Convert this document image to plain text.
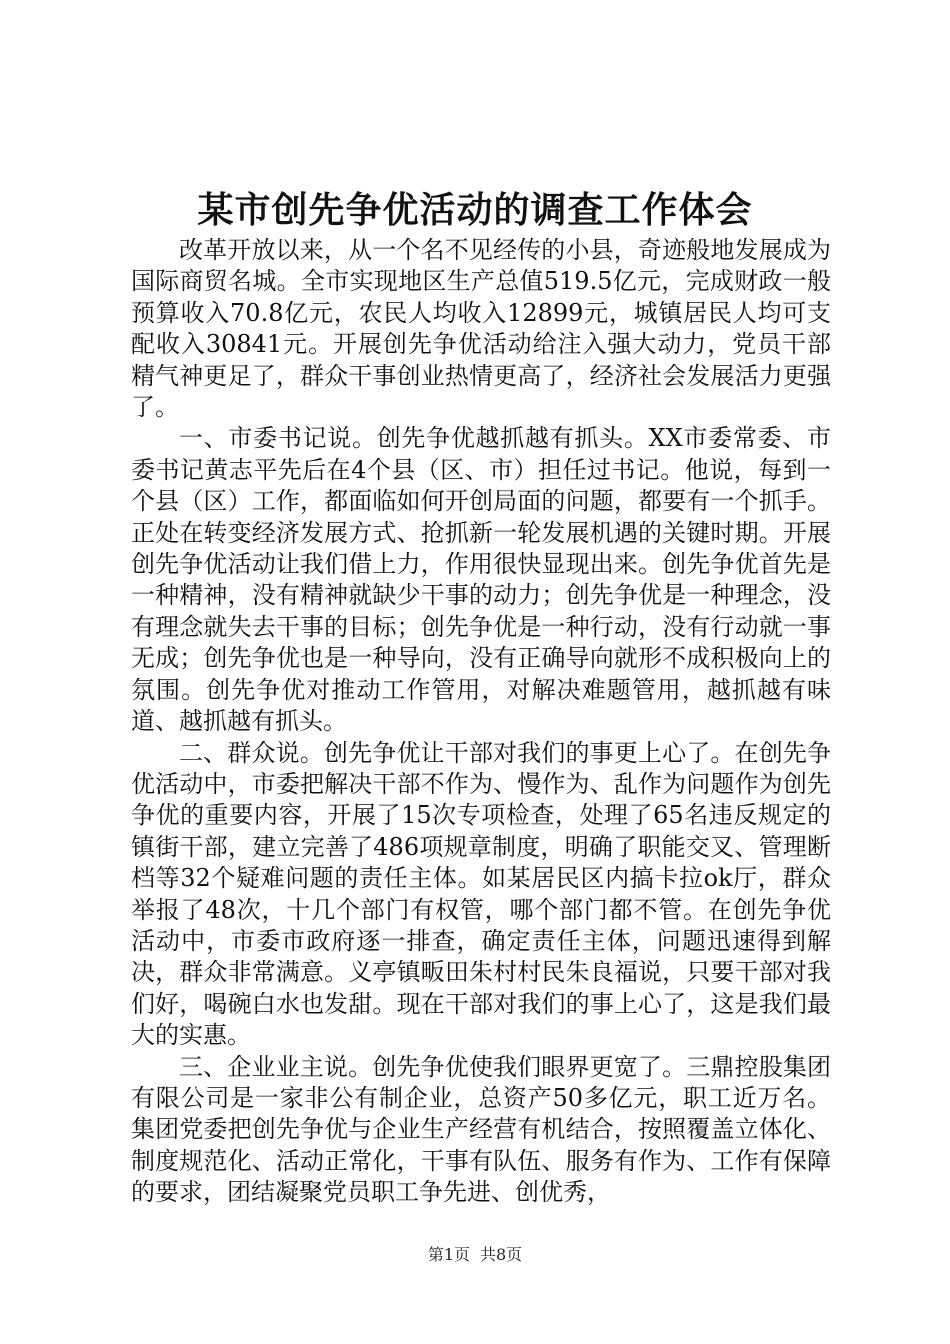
某市创先争优活动的调查工作体会

改革开放以来，从一个名不见经传的小县，奇迹般地发展成为国际商贸名城。全市实现地区生产总值519.5亿元，完成财政一般预算收入70.8亿元，农民人均收入12899元，城镇居民人均可支配收入30841元。开展创先争优活动给注入强大动力，党员干部精气神更足了，群众干事创业热情更高了，经济社会发展活力更强了。

一、市委书记说。创先争优越抓越有抓头。XX市委常委、市委书记黄志平先后在4个县（区、市）担任过书记。他说，每到一个县（区）工作，都面临如何开创局面的问题，都要有一个抓手。正处在转变经济发展方式、抢抓新一轮发展机遇的关键时期。开展创先争优活动让我们借上力，作用很快显现出来。创先争优首先是一种精神，没有精神就缺少干事的动力；创先争优是一种理念，没有理念就失去干事的目标；创先争优是一种行动，没有行动就一事无成；创先争优也是一种导向，没有正确导向就形不成积极向上的氛围。创先争优对推动工作管用，对解决难题管用，越抓越有味道、越抓越有抓头。

二、群众说。创先争优让干部对我们的事更上心了。在创先争优活动中，市委把解决干部不作为、慢作为、乱作为问题作为创先争优的重要内容，开展了15次专项检查，处理了65名违反规定的镇街干部，建立完善了486项规章制度，明确了职能交叉、管理断档等32个疑难问题的责任主体。如某居民区内搞卡拉ok厅，群众举报了48次，十几个部门有权管，哪个部门都不管。在创先争优活动中，市委市政府逐一排查，确定责任主体，问题迅速得到解决，群众非常满意。义亭镇畈田朱村村民朱良福说，只要干部对我们好，喝碗白水也发甜。现在干部对我们的事上心了，这是我们最大的实惠。

三、企业业主说。创先争优使我们眼界更宽了。三鼎控股集团有限公司是一家非公有制企业，总资产50多亿元，职工近万名。集团党委把创先争优与企业生产经营有机结合，按照覆盖立体化、制度规范化、活动正常化，干事有队伍、服务有作为、工作有保障的要求，团结凝聚党员职工争先进、创优秀，

第1页 共8页
